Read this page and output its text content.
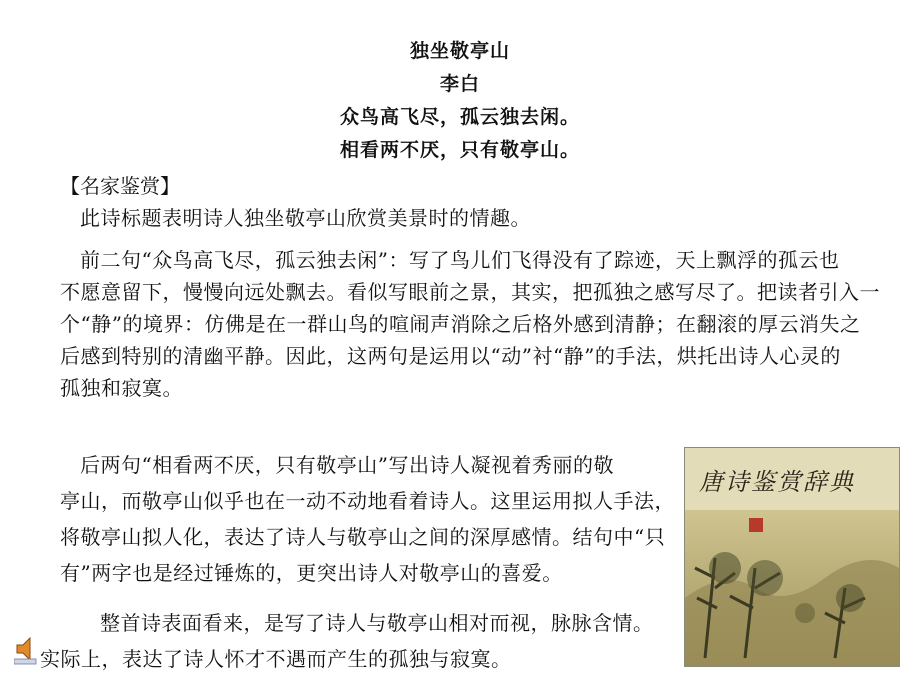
独坐敬亭山
李白
众鸟高飞尽，孤云独去闲。
相看两不厌，只有敬亭山。
【名家鉴赏】

此诗标题表明诗人独坐敬亭山欣赏美景时的情趣。

前二句“众鸟高飞尽，孤云独去闲”：写了鸟儿们飞得没有了踪迹，天上飘浮的孤云也

不愿意留下，慢慢向远处飘去。看似写眼前之景，其实，把孤独之感写尽了。把读者引入一

个“静”的境界：仿佛是在一群山鸟的喧闹声消除之后格外感到清静；在翻滚的厚云消失之

后感到特别的清幽平静。因此，这两句是运用以“动”衬“静”的手法，烘托出诗人心灵的

孤独和寂寞。

后两句“相看两不厌，只有敬亭山”写出诗人凝视着秀丽的敬

亭山，而敬亭山似乎也在一动不动地看着诗人。这里运用拟人手法，

将敬亭山拟人化，表达了诗人与敬亭山之间的深厚感情。结句中“只

有”两字也是经过锤炼的，更突出诗人对敬亭山的喜爱。

整首诗表面看来，是写了诗人与敬亭山相对而视，脉脉含情。

实际上，表达了诗人怀才不遇而产生的孤独与寂寞。

唐诗鉴赏辞典
